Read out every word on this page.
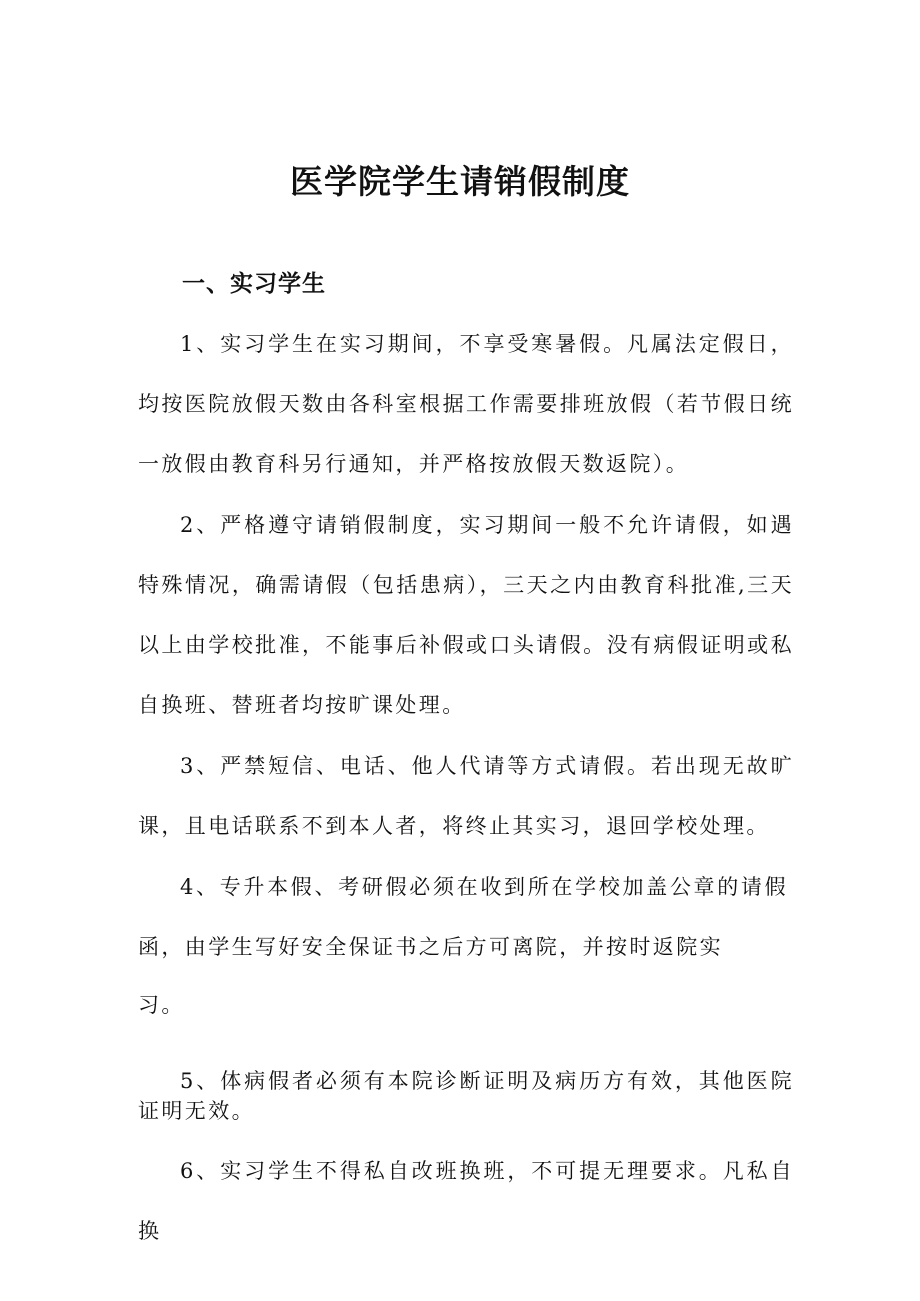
医学院学生请销假制度
一、实习学生

1、实习学生在实习期间，不享受寒暑假。凡属法定假日，均按医院放假天数由各科室根据工作需要排班放假（若节假日统一放假由教育科另行通知，并严格按放假天数返院）。

2、严格遵守请销假制度，实习期间一般不允许请假，如遇特殊情况，确需请假（包括患病），三天之内由教育科批准,三天以上由学校批准，不能事后补假或口头请假。没有病假证明或私自换班、替班者均按旷课处理。

3、严禁短信、电话、他人代请等方式请假。若出现无故旷课，且电话联系不到本人者，将终止其实习，退回学校处理。

4、专升本假、考研假必须在收到所在学校加盖公章的请假函，由学生写好安全保证书之后方可离院，并按时返院实

习。

5、体病假者必须有本院诊断证明及病历方有效，其他医院证明无效。

6、实习学生不得私自改班换班，不可提无理要求。凡私自换
